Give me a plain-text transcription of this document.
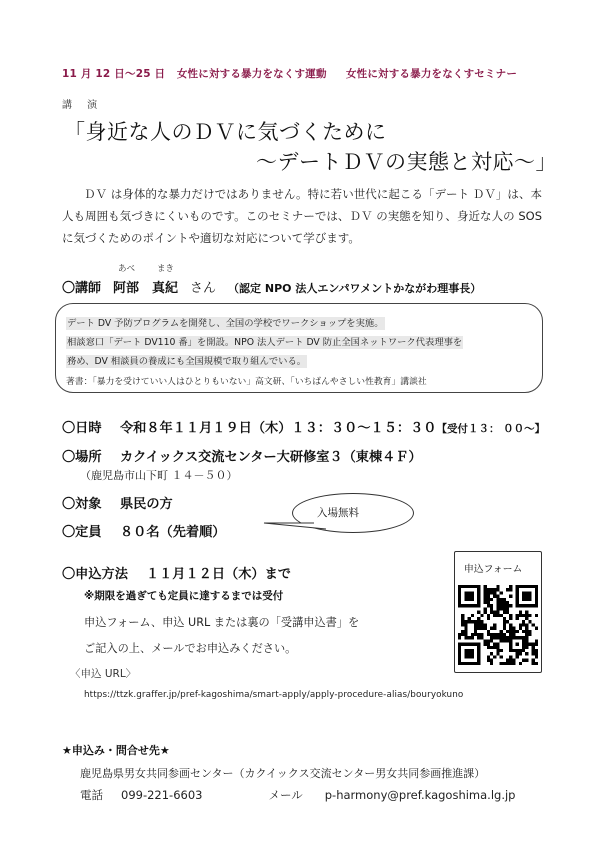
11 月 12 日～25 日 女性に対する暴力をなくす運動 女性に対する暴力をなくすセミナー
講 演
「身近な人のＤＶに気づくために
～デートＤＶの実態と対応～」

ＤＶ は身体的な暴力だけではありません。特に若い世代に起こる「デート ＤＶ」は、本人も周囲も気づきにくいものです。このセミナーでは、ＤＶ の実態を知り、身近な人の SOS に気づくためのポイントや適切な対応について学びます。

あべ	まき
〇講師 阿部　真紀 さん （認定 NPO 法人エンパワメントかながわ理事長）
デート DV 予防プログラムを開発し、全国の学校でワークショップを実施。
相談窓口「デート DV110 番」を開設。NPO 法人デート DV 防止全国ネットワーク代表理事を
務め、DV 相談員の養成にも全国規模で取り組んでいる。
著書：「暴力を受けていい人はひとりもいない」高文研、「いちばんやさしい性教育」講談社
〇日時 令和８年１１月１９日（木）１３：３０～１５：３０【受付１３： ００～】
〇場所 カクイックス交流センター大研修室３（東棟４Ｆ）
（鹿児島市山下町 １４－５０）
〇対象 県民の方
〇定員 ８０名（先着順）
入場無料
〇申込方法 １１月１２日（木）まで
※期限を過ぎても定員に達するまでは受付
申込フォーム、申込 URL または裏の「受講申込書」を
ご記入の上、メールでお申込みください。
〈申込 URL〉
https://ttzk.graffer.jp/pref-kagoshima/smart-apply/apply-procedure-alias/bouryokuno
申込フォーム
★申込み・問合せ先★
鹿児島県男女共同参画センター（カクイックス交流センター男女共同参画推進課）
電話 099-221-6603	メール p-harmony@pref.kagoshima.lg.jp
